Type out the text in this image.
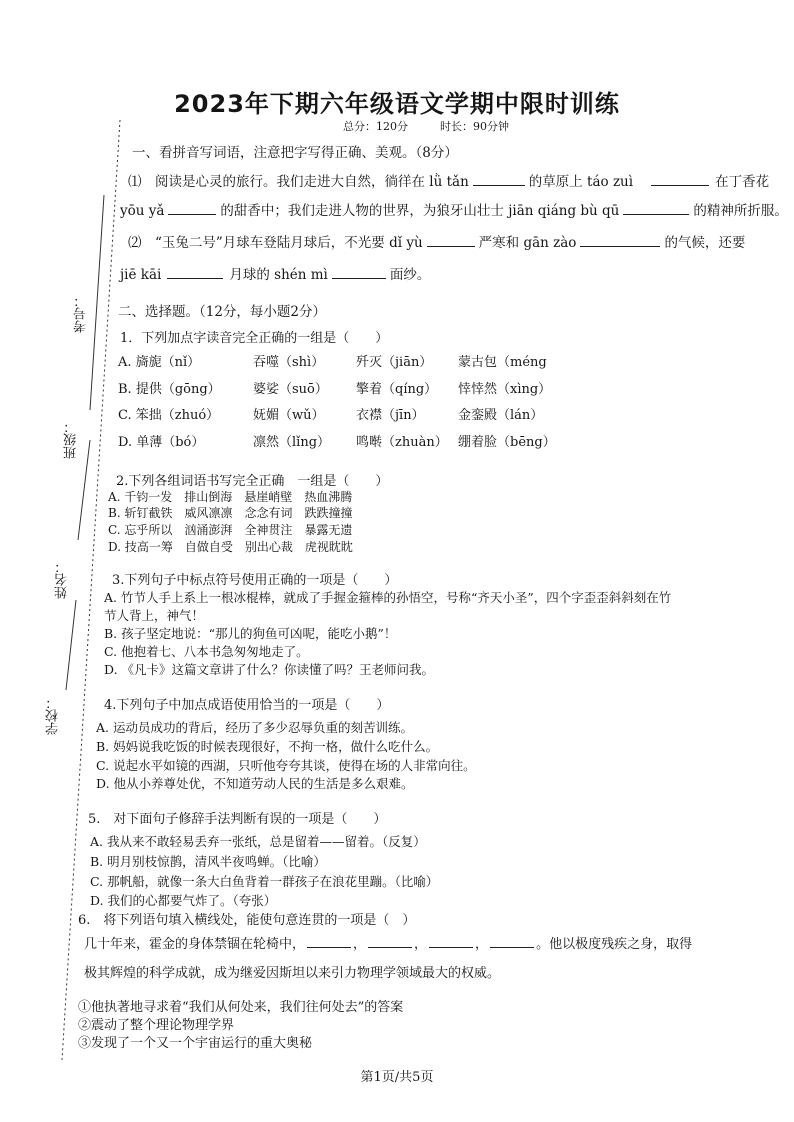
2023年下期六年级语文学期中限时训练
总分：120分	时长：90分钟
考号：
班级：
姓名：
学校：
一、看拼音写词语，注意把字写得正确、美观。（8分）
⑴　阅读是心灵的旅行。我们走进大自然，徜徉在 lǜ tǎn	的草原上 táo zuì	在丁香花
yōu yǎ	的甜香中；我们走进人物的世界，为狼牙山壮士 jiān qiáng bù qū	的精神所折服。
⑵　“玉兔二号”月球车登陆月球后，不光要 dǐ yù	严寒和 gān zào	的气候，还要
jiē kāi	月球的 shén mì	面纱。
二、选择题。（12分，每小题2分）
1．下列加点字读音完全正确的一组是（　　）
A. 旖旎（nǐ）	吞噬（shì） 歼灭（jiān） 蒙古包（méng
B. 提供（gōng） 婆娑（suō） 擎着（qíng） 悻悻然（xìng）
C. 笨拙（zhuó）	妩媚（wǔ） 衣襟（jīn）	金銮殿（lán）
D. 单薄（bó）	凛然（lǐng） 鸣啭（zhuàn） 绷着脸（bēng）
2.下列各组词语书写完全正确　一组是（　　）
A. 千钧一发　排山倒海　悬崖峭壁　热血沸腾
B. 斩钉截铁　威风凛凛　念念有词　跌跌撞撞
C. 忘乎所以　汹涌澎湃　全神贯注　暴露无遗
D. 技高一筹　自做自受　别出心裁　虎视眈眈
3.下列句子中标点符号使用正确的一项是（　　）
A. 竹节人手上系上一根冰棍棒，就成了手握金箍棒的孙悟空，号称“齐天小圣”，四个字歪歪斜斜刻在竹
节人背上，神气！
B. 孩子坚定地说：“那儿的狗鱼可凶呢，能吃小鹅”！
C. 他抱着七、八本书急匆匆地走了。
D. 《凡卡》这篇文章讲了什么？你读懂了吗？王老师问我。
4.下列句子中加点成语使用恰当的一项是（　　）
A. 运动员成功的背后，经历了多少忍辱负重的刻苦训练。
B. 妈妈说我吃饭的时候表现很好，不拘一格，做什么吃什么。
C. 说起水平如镜的西湖，只听他夸夸其谈，使得在场的人非常向往。
D. 他从小养尊处优，不知道劳动人民的生活是多么艰难。
5.　对下面句子修辞手法判断有误的一项是（　　）
A. 我从来不敢轻易丢弃一张纸，总是留着——留着。（反复）
B. 明月别枝惊鹊，清风半夜鸣蝉。（比喻）
C. 那帆船，就像一条大白鱼背着一群孩子在浪花里蹦。（比喻）
D. 我们的心都要气炸了。（夸张）
6.　将下列语句填入横线处，能使句意连贯的一项是（　）
几十年来，霍金的身体禁锢在轮椅中，	，	，	，	。他以极度残疾之身，取得
极其辉煌的科学成就，成为继爱因斯坦以来引力物理学领域最大的权威。
①他执著地寻求着“我们从何处来，我们往何处去”的答案
②震动了整个理论物理学界
③发现了一个又一个宇宙运行的重大奥秘
第1页/共5页
